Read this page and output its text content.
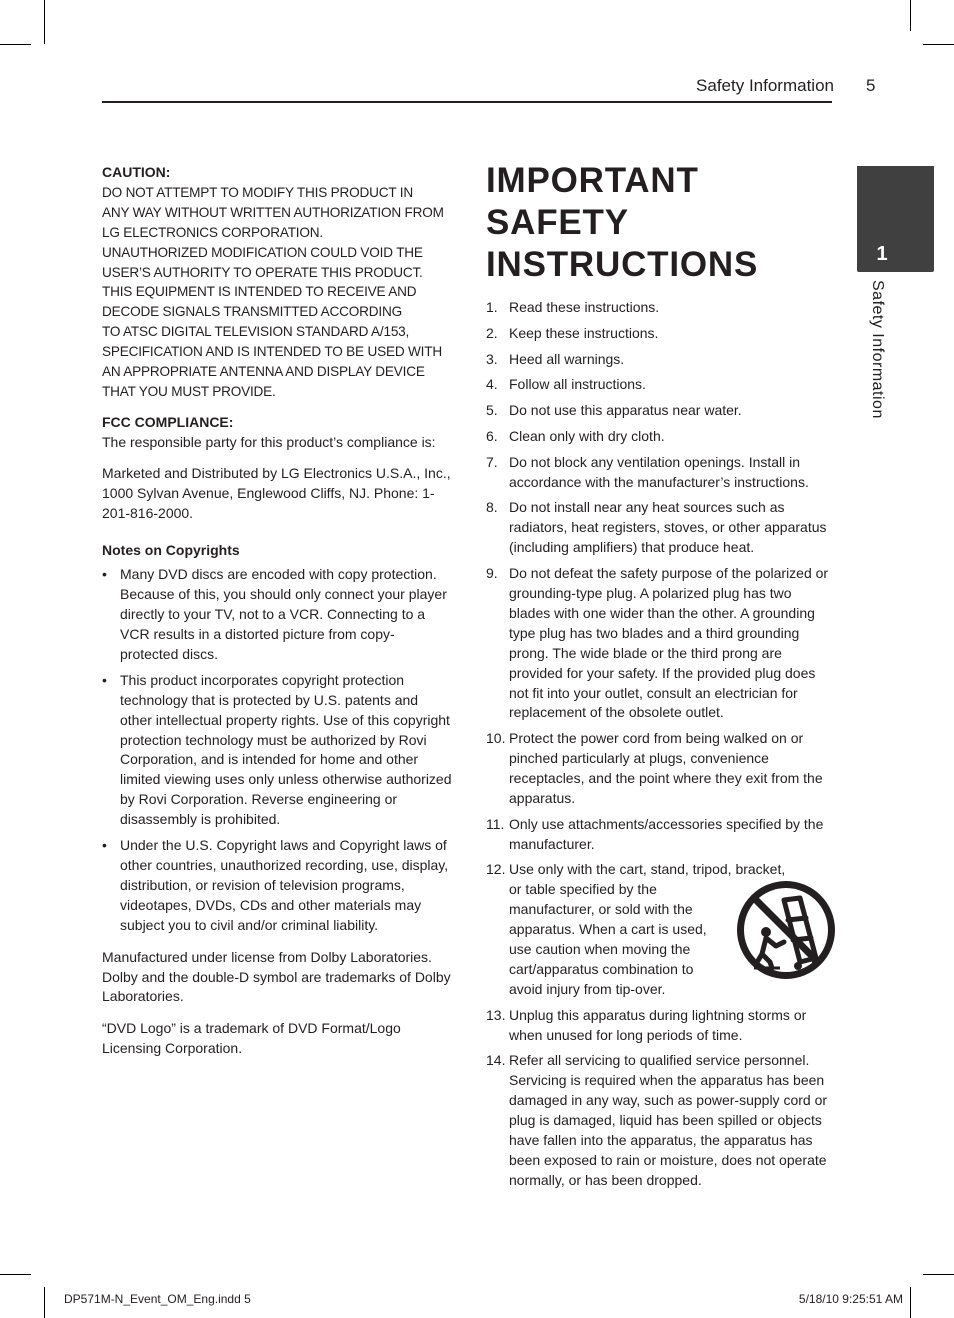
Safety Information 5
1
Safety Information
CAUTION:
DO NOT ATTEMPT TO MODIFY THIS PRODUCT IN
ANY WAY WITHOUT WRITTEN AUTHORIZATION FROM
LG ELECTRONICS CORPORATION.
UNAUTHORIZED MODIFICATION COULD VOID THE
USER’S AUTHORITY TO OPERATE THIS PRODUCT.
THIS EQUIPMENT IS INTENDED TO RECEIVE AND
DECODE SIGNALS TRANSMITTED ACCORDING
TO ATSC DIGITAL TELEVISION STANDARD A/153,
SPECIFICATION AND IS INTENDED TO BE USED WITH
AN APPROPRIATE ANTENNA AND DISPLAY DEVICE
THAT YOU MUST PROVIDE.
FCC COMPLIANCE:

The responsible party for this product’s compliance is:

Marketed and Distributed by LG Electronics U.S.A., Inc., 1000 Sylvan Avenue, Englewood Cliffs, NJ. Phone: 1-201-816-2000.

Notes on Copyrights
• Many DVD discs are encoded with copy protection. Because of this, you should only connect your player directly to your TV, not to a VCR. Connecting to a VCR results in a distorted picture from copy-protected discs.
• This product incorporates copyright protection technology that is protected by U.S. patents and other intellectual property rights. Use of this copyright protection technology must be authorized by Rovi Corporation, and is intended for home and other limited viewing uses only unless otherwise authorized by Rovi Corporation. Reverse engineering or disassembly is prohibited.
• Under the U.S. Copyright laws and Copyright laws of other countries, unauthorized recording, use, display, distribution, or revision of television programs, videotapes, DVDs, CDs and other materials may subject you to civil and/or criminal liability.

Manufactured under license from Dolby Laboratories. Dolby and the double-D symbol are trademarks of Dolby Laboratories.

“DVD Logo” is a trademark of DVD Format/Logo Licensing Corporation.

IMPORTANT SAFETY
INSTRUCTIONS
1. Read these instructions.
2. Keep these instructions.
3. Heed all warnings.
4. Follow all instructions.
5. Do not use this apparatus near water.
6. Clean only with dry cloth.
7. Do not block any ventilation openings. Install in accordance with the manufacturer’s instructions.
8. Do not install near any heat sources such as radiators, heat registers, stoves, or other apparatus (including amplifiers) that produce heat.
9. Do not defeat the safety purpose of the polarized or grounding-type plug. A polarized plug has two blades with one wider than the other. A grounding type plug has two blades and a third grounding prong. The wide blade or the third prong are provided for your safety. If the provided plug does not fit into your outlet, consult an electrician for replacement of the obsolete outlet.
10. Protect the power cord from being walked on or pinched particularly at plugs, convenience receptacles, and the point where they exit from the apparatus.
11. Only use attachments/accessories specified by the manufacturer.
12. Use only with the cart, stand, tripod, bracket,
or table specified by the manufacturer, or sold with the apparatus. When a cart is used, use caution when moving the cart/apparatus combination to avoid injury from tip-over.
13. Unplug this apparatus during lightning storms or when unused for long periods of time.
14. Refer all servicing to qualified service personnel. Servicing is required when the apparatus has been damaged in any way, such as power-supply cord or plug is damaged, liquid has been spilled or objects have fallen into the apparatus, the apparatus has been exposed to rain or moisture, does not operate normally, or has been dropped.
DP571M-N_Event_OM_Eng.indd 5	5/18/10 9:25:51 AM
